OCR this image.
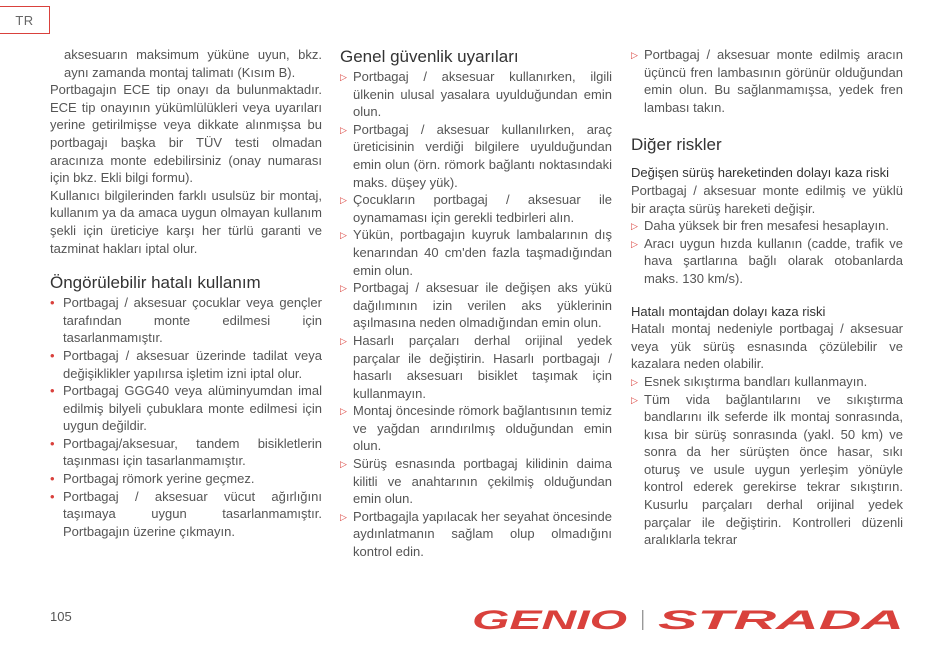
TR

aksesuarın maksimum yüküne uyun, bkz. aynı zamanda montaj talimatı (Kısım B).

Portbagajın ECE tip onayı da bulunmaktadır. ECE tip onayının yükümlülükleri veya uyarıları yerine getirilmişse veya dikkate alınmışsa bu portbagajı başka bir TÜV testi olmadan aracınıza monte edebilirsiniz (onay numarası için bkz. Ekli bilgi formu).

Kullanıcı bilgilerinden farklı usulsüz bir montaj, kullanım ya da amaca uygun olmayan kullanım şekli için üreticiye karşı her türlü garanti ve tazminat hakları iptal olur.

Öngörülebilir hatalı kullanım
• Portbagaj / aksesuar çocuklar veya gençler tarafından monte edilmesi için tasarlanmamıştır.
• Portbagaj / aksesuar üzerinde tadilat veya değişiklikler yapılırsa işletim izni iptal olur.
• Portbagaj GGG40 veya alüminyumdan imal edilmiş bilyeli çubuklara monte edilmesi için uygun değildir.
• Portbagaj/aksesuar, tandem bisikletlerin taşınması için tasarlanmamıştır.
• Portbagaj römork yerine geçmez.
• Portbagaj / aksesuar vücut ağırlığını taşımaya uygun tasarlanmamıştır. Portbagajın üzerine çıkmayın.
Genel güvenlik uyarıları
▷ Portbagaj / aksesuar kullanırken, ilgili ülkenin ulusal yasalara uyulduğundan emin olun.
▷ Portbagaj / aksesuar kullanılırken, araç üreticisinin verdiği bilgilere uyulduğundan emin olun (örn. römork bağlantı noktasındaki maks. düşey yük).
▷ Çocukların portbagaj / aksesuar ile oynamaması için gerekli tedbirleri alın.
▷ Yükün, portbagajın kuyruk lambalarının dış kenarından 40 cm'den fazla taşmadığından emin olun.
▷ Portbagaj / aksesuar ile değişen aks yükü dağılımının izin verilen aks yüklerinin aşılmasına neden olmadığından emin olun.
▷ Hasarlı parçaları derhal orijinal yedek parçalar ile değiştirin. Hasarlı portbagajı / hasarlı aksesuarı bisiklet taşımak için kullanmayın.
▷ Montaj öncesinde römork bağlantısının temiz ve yağdan arındırılmış olduğundan emin olun.
▷ Sürüş esnasında portbagaj kilidinin daima kilitli ve anahtarının çekilmiş olduğundan emin olun.
▷ Portbagajla yapılacak her seyahat öncesinde aydınlatmanın sağlam olup olmadığını kontrol edin.
▷ Portbagaj / aksesuar monte edilmiş aracın üçüncü fren lambasının görünür olduğundan emin olun. Bu sağlanmamışsa, yedek fren lambası takın.
Diğer riskler
Değişen sürüş hareketinden dolayı kaza riski

Portbagaj / aksesuar monte edilmiş ve yüklü bir araçta sürüş hareketi değişir.

▷ Daha yüksek bir fren mesafesi hesaplayın.
▷ Aracı uygun hızda kullanın (cadde, trafik ve hava şartlarına bağlı olarak otobanlarda maks. 130 km/s).
Hatalı montajdan dolayı kaza riski

Hatalı montaj nedeniyle portbagaj / aksesuar veya yük sürüş esnasında çözülebilir ve kazalara neden olabilir.

▷ Esnek sıkıştırma bandları kullanmayın.
▷ Tüm vida bağlantılarını ve sıkıştırma bandlarını ilk seferde ilk montaj sonrasında, kısa bir sürüş sonrasında (yakl. 50 km) ve sonra da her sürüşten önce hasar, sıkı oturuş ve usule uygun yerleşim yönüyle kontrol ederek gerekirse tekrar sıkıştırın. Kusurlu parçaları derhal orijinal yedek parçalar ile değiştirin. Kontrolleri düzenli aralıklarla tekrar
105	GENIO STRADA
